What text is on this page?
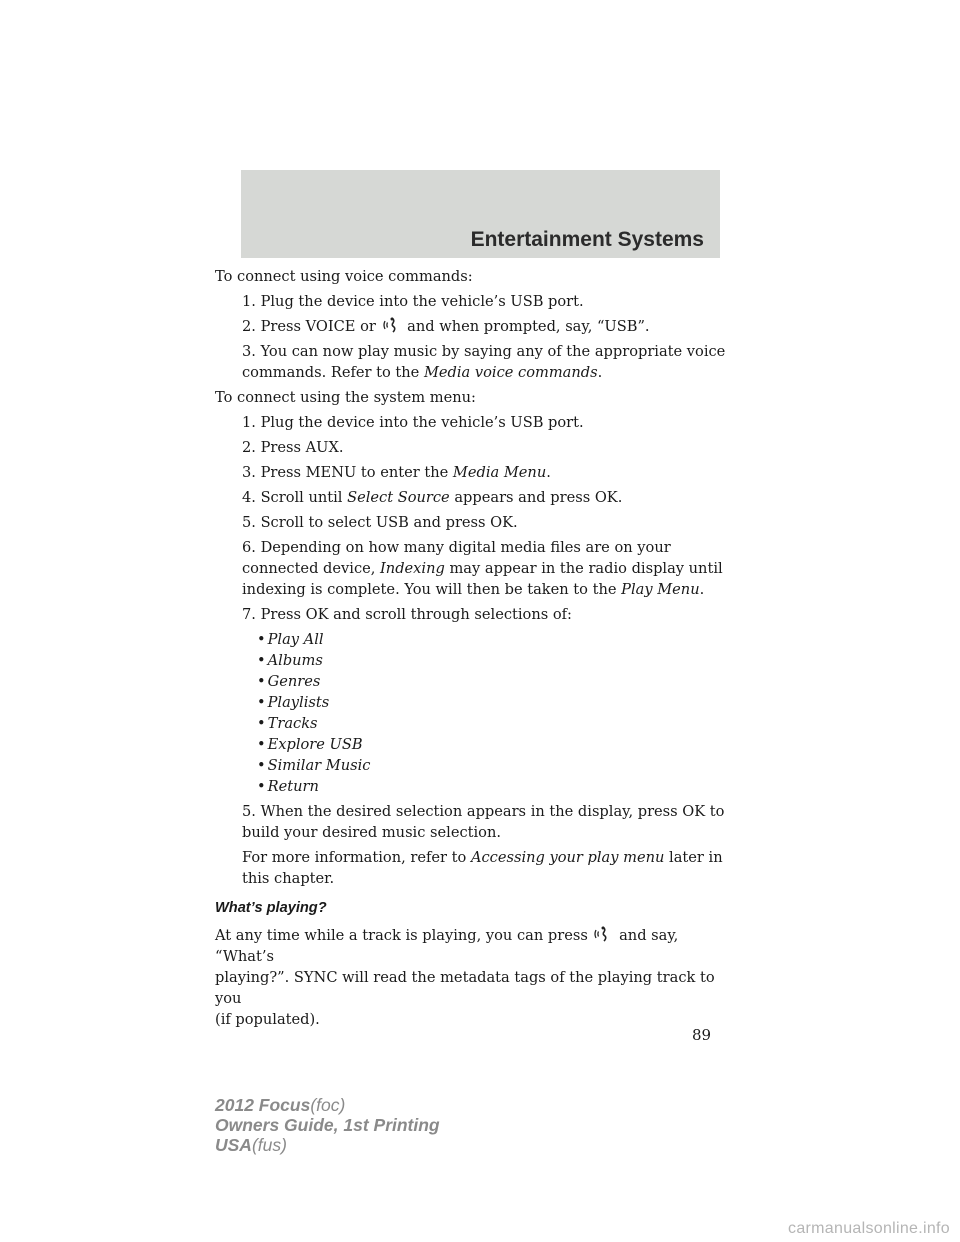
Entertainment Systems

To connect using voice commands:

1. Plug the device into the vehicle’s USB port.

2. Press VOICE or and when prompted, say, “USB”.

3. You can now play music by saying any of the appropriate voice

commands. Refer to the Media voice commands.

To connect using the system menu:

1. Plug the device into the vehicle’s USB port.

2. Press AUX.

3. Press MENU to enter the Media Menu.

4. Scroll until Select Source appears and press OK.

5. Scroll to select USB and press OK.

6. Depending on how many digital media files are on your

connected device, Indexing may appear in the radio display until

indexing is complete. You will then be taken to the Play Menu.

7. Press OK and scroll through selections of:

• Play All

• Albums

• Genres

• Playlists

• Tracks

• Explore USB

• Similar Music

• Return

5. When the desired selection appears in the display, press OK to

build your desired music selection.

For more information, refer to Accessing your play menu later in

this chapter.

What’s playing?

At any time while a track is playing, you can press and say, “What’s

playing?”. SYNC will read the metadata tags of the playing track to you

(if populated).

89
2012 Focus(foc)
Owners Guide, 1st Printing
USA(fus)
carmanualsonline.info
